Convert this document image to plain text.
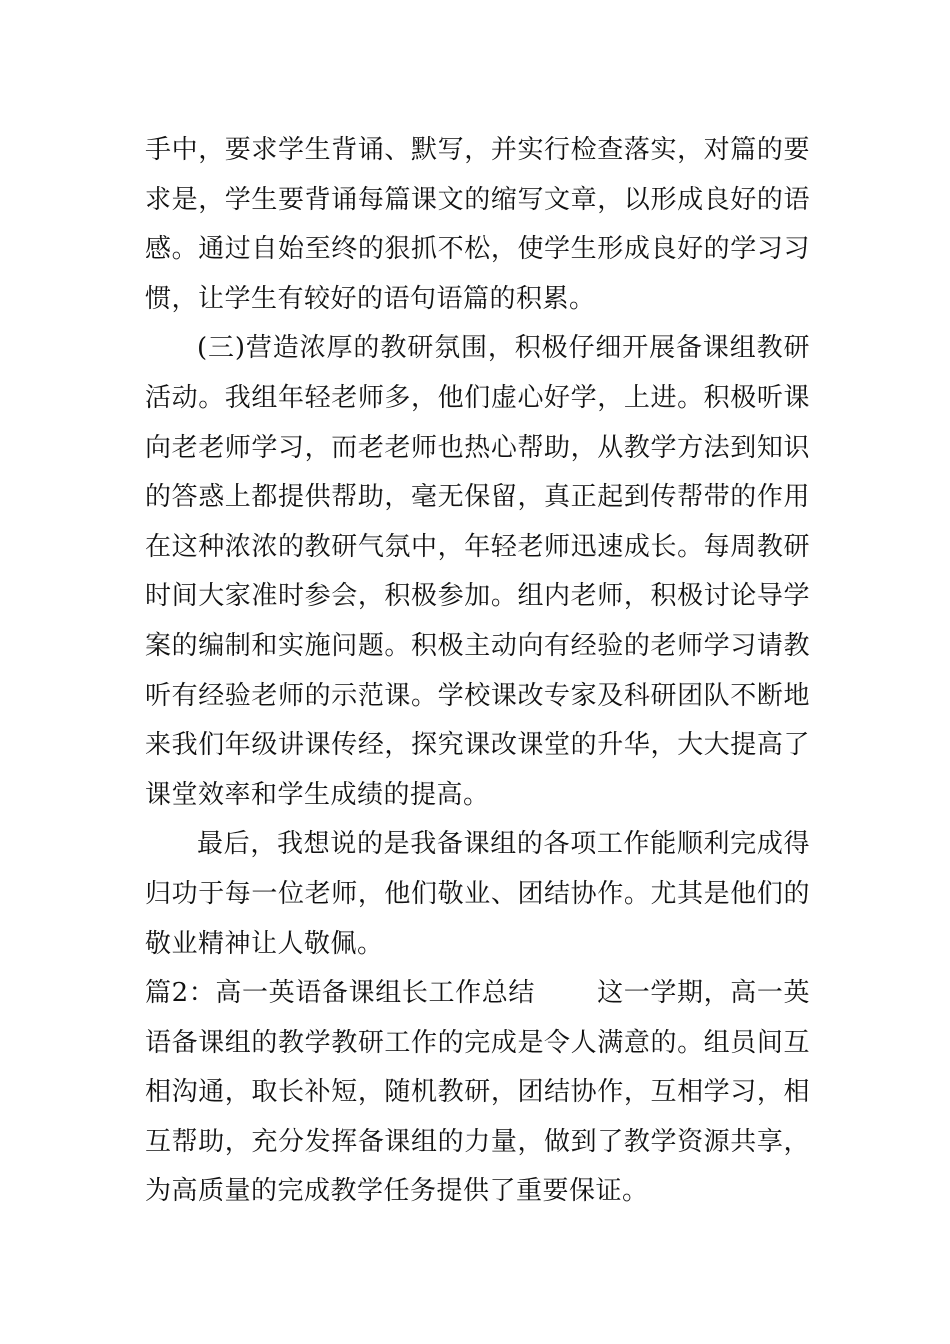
手中，要求学生背诵、默写，并实行检查落实，对篇的要求是，学生要背诵每篇课文的缩写文章，以形成良好的语感。通过自始至终的狠抓不松，使学生形成良好的学习习惯，让学生有较好的语句语篇的积累。

(三)营造浓厚的教研氛围，积极仔细开展备课组教研活动。我组年轻老师多，他们虚心好学，上进。积极听课向老老师学习，而老老师也热心帮助，从教学方法到知识的答惑上都提供帮助，毫无保留，真正起到传帮带的作用在这种浓浓的教研气氛中，年轻老师迅速成长。每周教研时间大家准时参会，积极参加。组内老师，积极讨论导学案的编制和实施问题。积极主动向有经验的老师学习请教听有经验老师的示范课。学校课改专家及科研团队不断地来我们年级讲课传经，探究课改课堂的升华，大大提高了课堂效率和学生成绩的提高。

最后，我想说的是我备课组的各项工作能顺利完成得归功于每一位老师，他们敬业、团结协作。尤其是他们的敬业精神让人敬佩。

篇2：高一英语备课组长工作总结 这一学期，高一英语备课组的教学教研工作的完成是令人满意的。组员间互相沟通，取长补短，随机教研，团结协作，互相学习，相互帮助，充分发挥备课组的力量，做到了教学资源共享，为高质量的完成教学任务提供了重要保证。
